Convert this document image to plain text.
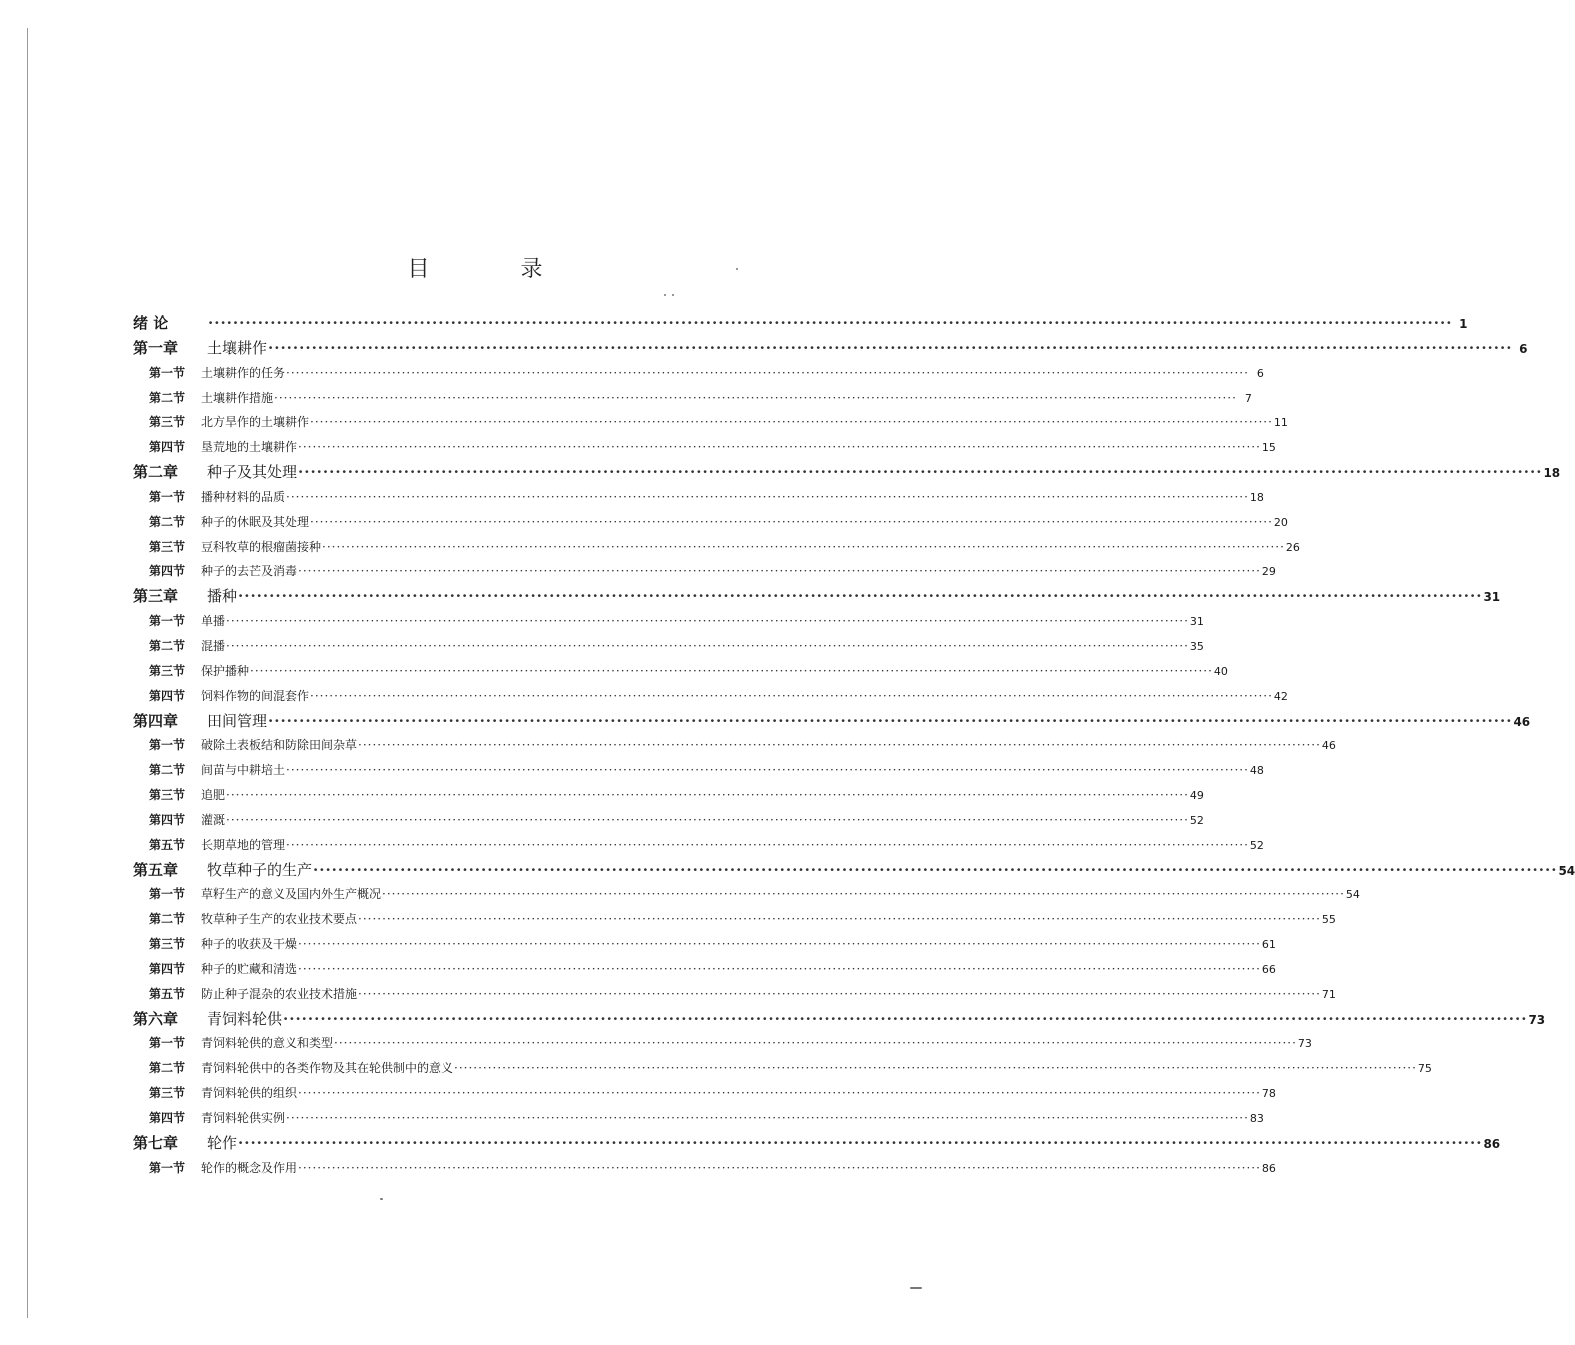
目 录
绪 论	········································································································································································································ 1
第一章	土壤耕作 ········································································································································································································ 6
第一节	土壤耕作的任务 ········································································································································································································ 6
第二节	土壤耕作措施 ········································································································································································································ 7
第三节	北方旱作的土壤耕作 ········································································································································································································ 11
第四节	垦荒地的土壤耕作 ········································································································································································································ 15
第二章	种子及其处理 ········································································································································································································ 18
第一节	播种材料的品质 ········································································································································································································ 18
第二节	种子的休眠及其处理 ········································································································································································································ 20
第三节	豆科牧草的根瘤菌接种 ········································································································································································································ 26
第四节	种子的去芒及消毒 ········································································································································································································ 29
第三章	播种 ········································································································································································································ 31
第一节	单播 ········································································································································································································ 31
第二节	混播 ········································································································································································································ 35
第三节	保护播种 ········································································································································································································ 40
第四节	饲料作物的间混套作 ········································································································································································································ 42
第四章	田间管理 ········································································································································································································ 46
第一节	破除土表板结和防除田间杂草 ········································································································································································································ 46
第二节	间苗与中耕培土 ········································································································································································································ 48
第三节	追肥 ········································································································································································································ 49
第四节	灌溉 ········································································································································································································ 52
第五节	长期草地的管理 ········································································································································································································ 52
第五章	牧草种子的生产 ········································································································································································································ 54
第一节	草籽生产的意义及国内外生产概况 ········································································································································································································ 54
第二节	牧草种子生产的农业技术要点 ········································································································································································································ 55
第三节	种子的收获及干燥 ········································································································································································································ 61
第四节	种子的贮藏和清选 ········································································································································································································ 66
第五节	防止种子混杂的农业技术措施 ········································································································································································································ 71
第六章	青饲料轮供 ········································································································································································································ 73
第一节	青饲料轮供的意义和类型 ········································································································································································································ 73
第二节	青饲料轮供中的各类作物及其在轮供制中的意义 ········································································································································································································ 75
第三节	青饲料轮供的组织 ········································································································································································································ 78
第四节	青饲料轮供实例 ········································································································································································································ 83
第七章	轮作 ········································································································································································································ 86
第一节	轮作的概念及作用 ········································································································································································································ 86
